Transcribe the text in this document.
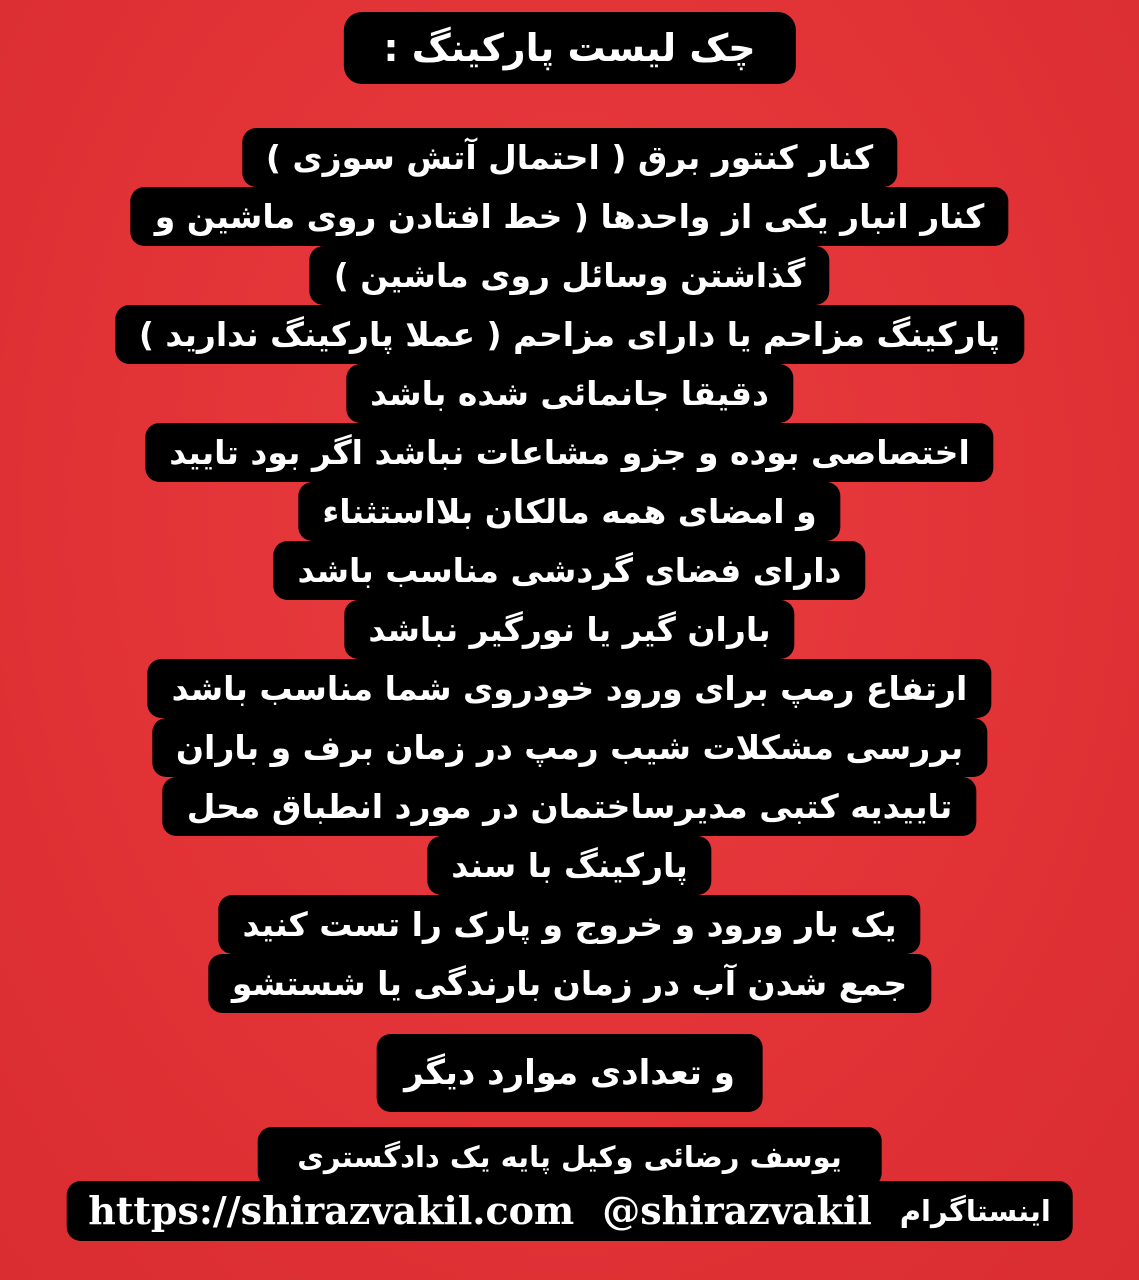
چک لیست پارکینگ :
کنار کنتور برق ( احتمال آتش سوزی )
کنار انبار یکی از واحدها ( خط افتادن روی ماشین و
گذاشتن وسائل روی ماشین )
پارکینگ مزاحم یا دارای مزاحم ( عملا پارکینگ ندارید )
دقیقا جانمائی شده باشد
اختصاصی بوده و جزو مشاعات نباشد اگر بود تایید
و امضای همه مالکان بلااستثناء
دارای فضای گردشی مناسب باشد
باران گیر یا نورگیر نباشد
ارتفاع رمپ برای ورود خودروی شما مناسب باشد
بررسی مشکلات شیب رمپ در زمان برف و باران
تاییدیه کتبی مدیرساختمان در مورد انطباق محل
پارکینگ با سند
یک بار ورود و خروج و پارک را تست کنید
جمع شدن آب در زمان بارندگی یا شستشو
و تعدادی موارد دیگر
یوسف رضائی وکیل پایه یک دادگستری
اینستاگرام
@shirazvakil
https://shirazvakil.com
